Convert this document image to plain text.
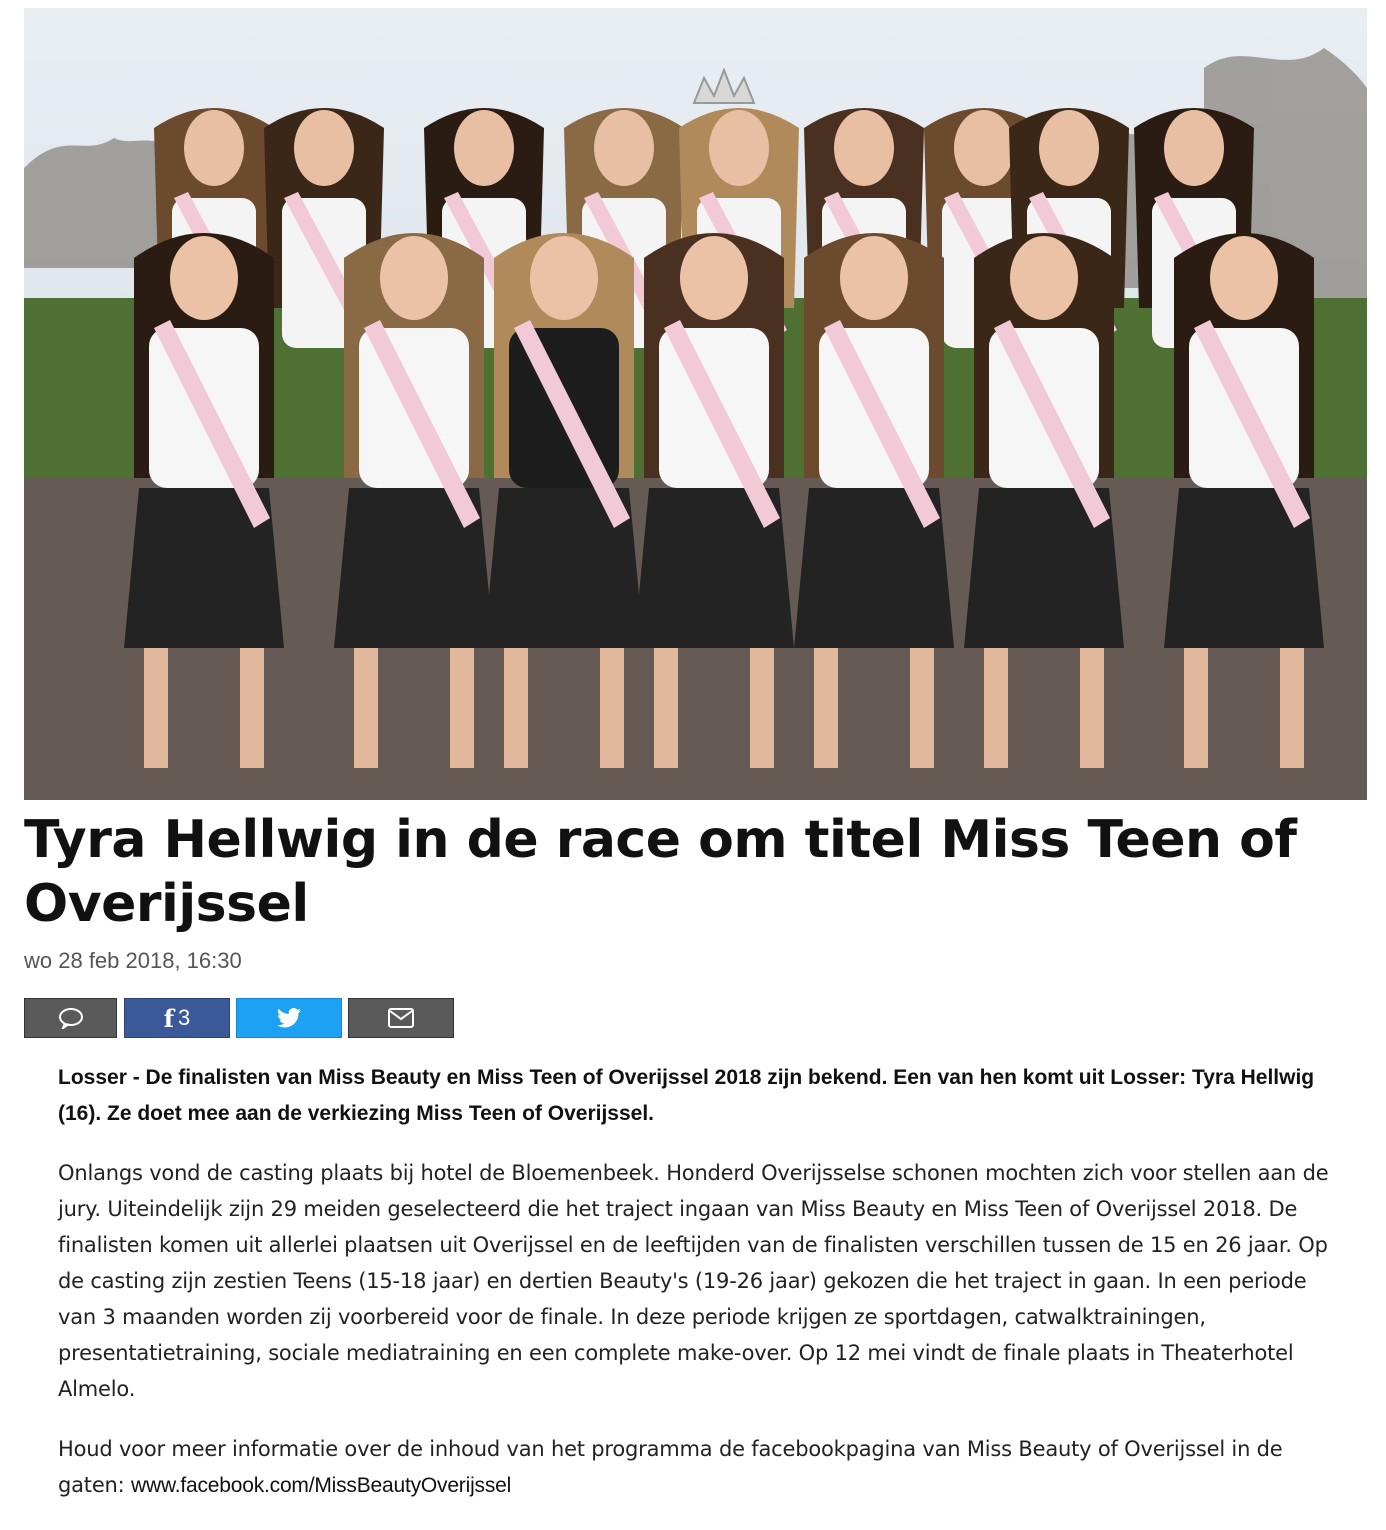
Tyra Hellwig in de race om titel Miss Teen of Overijssel
wo 28 feb 2018, 16:30
f 3

Losser - De finalisten van Miss Beauty en Miss Teen of Overijssel 2018 zijn bekend. Een van hen komt uit Losser: Tyra Hellwig (16). Ze doet mee aan de verkiezing Miss Teen of Overijssel.

Onlangs vond de casting plaats bij hotel de Bloemenbeek. Honderd Overijsselse schonen mochten zich voor stellen aan de jury. Uiteindelijk zijn 29 meiden geselecteerd die het traject ingaan van Miss Beauty en Miss Teen of Overijssel 2018. De finalisten komen uit allerlei plaatsen uit Overijssel en de leeftijden van de finalisten verschillen tussen de 15 en 26 jaar. Op de casting zijn zestien Teens (15-18 jaar) en dertien Beauty's (19-26 jaar) gekozen die het traject in gaan. In een periode van 3 maanden worden zij voorbereid voor de finale. In deze periode krijgen ze sportdagen, catwalktrainingen, presentatietraining, sociale mediatraining en een complete make-over. Op 12 mei vindt de finale plaats in Theaterhotel Almelo.

Houd voor meer informatie over de inhoud van het programma de facebookpagina van Miss Beauty of Overijssel in de gaten: www.facebook.com/MissBeautyOverijssel
